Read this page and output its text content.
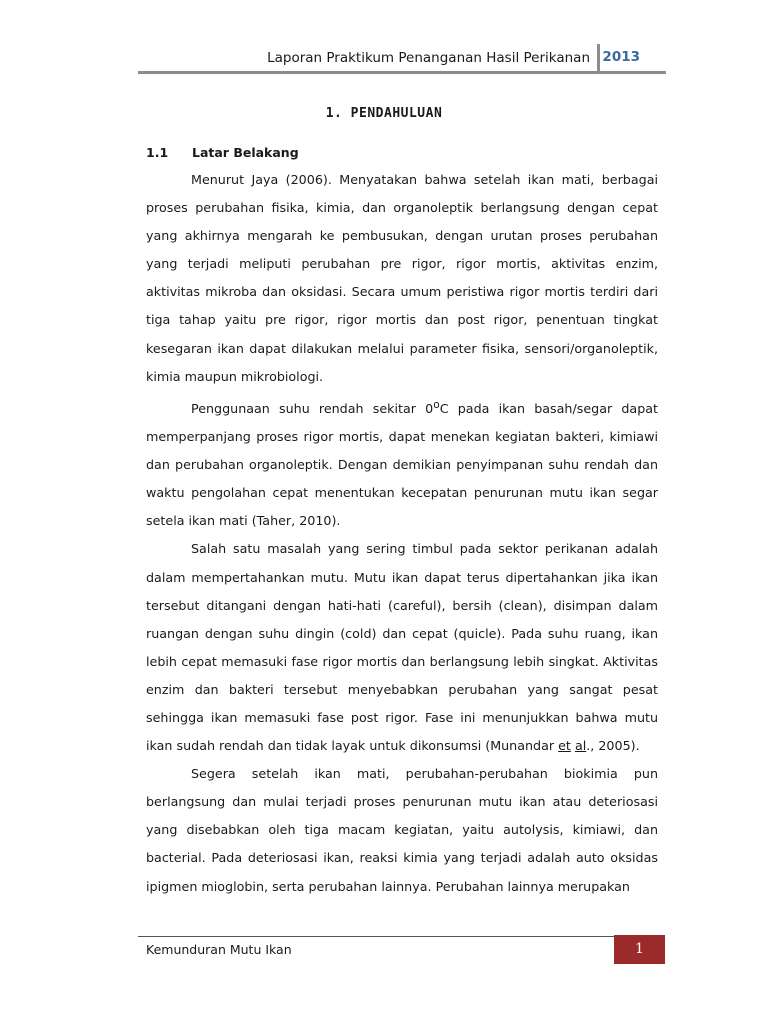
Laporan Praktikum Penanganan Hasil Perikanan 2013
1. PENDAHULUAN
1.1 Latar Belakang

Menurut Jaya (2006). Menyatakan bahwa setelah ikan mati, berbagai proses perubahan fisika, kimia, dan organoleptik berlangsung dengan cepat yang akhirnya mengarah ke pembusukan, dengan urutan proses perubahan yang terjadi meliputi perubahan pre rigor, rigor mortis, aktivitas enzim, aktivitas mikroba dan oksidasi. Secara umum peristiwa rigor mortis terdiri dari tiga tahap yaitu pre rigor, rigor mortis dan post rigor, penentuan tingkat kesegaran ikan dapat dilakukan melalui parameter fisika, sensori/organoleptik, kimia maupun mikrobiologi.

Penggunaan suhu rendah sekitar 0$^o$C pada ikan basah/segar dapat memperpanjang proses rigor mortis, dapat menekan kegiatan bakteri, kimiawi dan perubahan organoleptik. Dengan demikian penyimpanan suhu rendah dan waktu pengolahan cepat menentukan kecepatan penurunan mutu ikan segar setela ikan mati (Taher, 2010).

Salah satu masalah yang sering timbul pada sektor perikanan adalah dalam mempertahankan mutu. Mutu ikan dapat terus dipertahankan jika ikan tersebut ditangani dengan hati-hati (careful), bersih (clean), disimpan dalam ruangan dengan suhu dingin (cold) dan cepat (quicle). Pada suhu ruang, ikan lebih cepat memasuki fase rigor mortis dan berlangsung lebih singkat. Aktivitas enzim dan bakteri tersebut menyebabkan perubahan yang sangat pesat sehingga ikan memasuki fase post rigor. Fase ini menunjukkan bahwa mutu ikan sudah rendah dan tidak layak untuk dikonsumsi (Munandar et al., 2005).

Segera setelah ikan mati, perubahan-perubahan biokimia pun berlangsung dan mulai terjadi proses penurunan mutu ikan atau deteriosasi yang disebabkan oleh tiga macam kegiatan, yaitu autolysis, kimiawi, dan bacterial. Pada deteriosasi ikan, reaksi kimia yang terjadi adalah auto oksidas ipigmen mioglobin, serta perubahan lainnya. Perubahan lainnya merupakan

Kemunduran Mutu Ikan	1
